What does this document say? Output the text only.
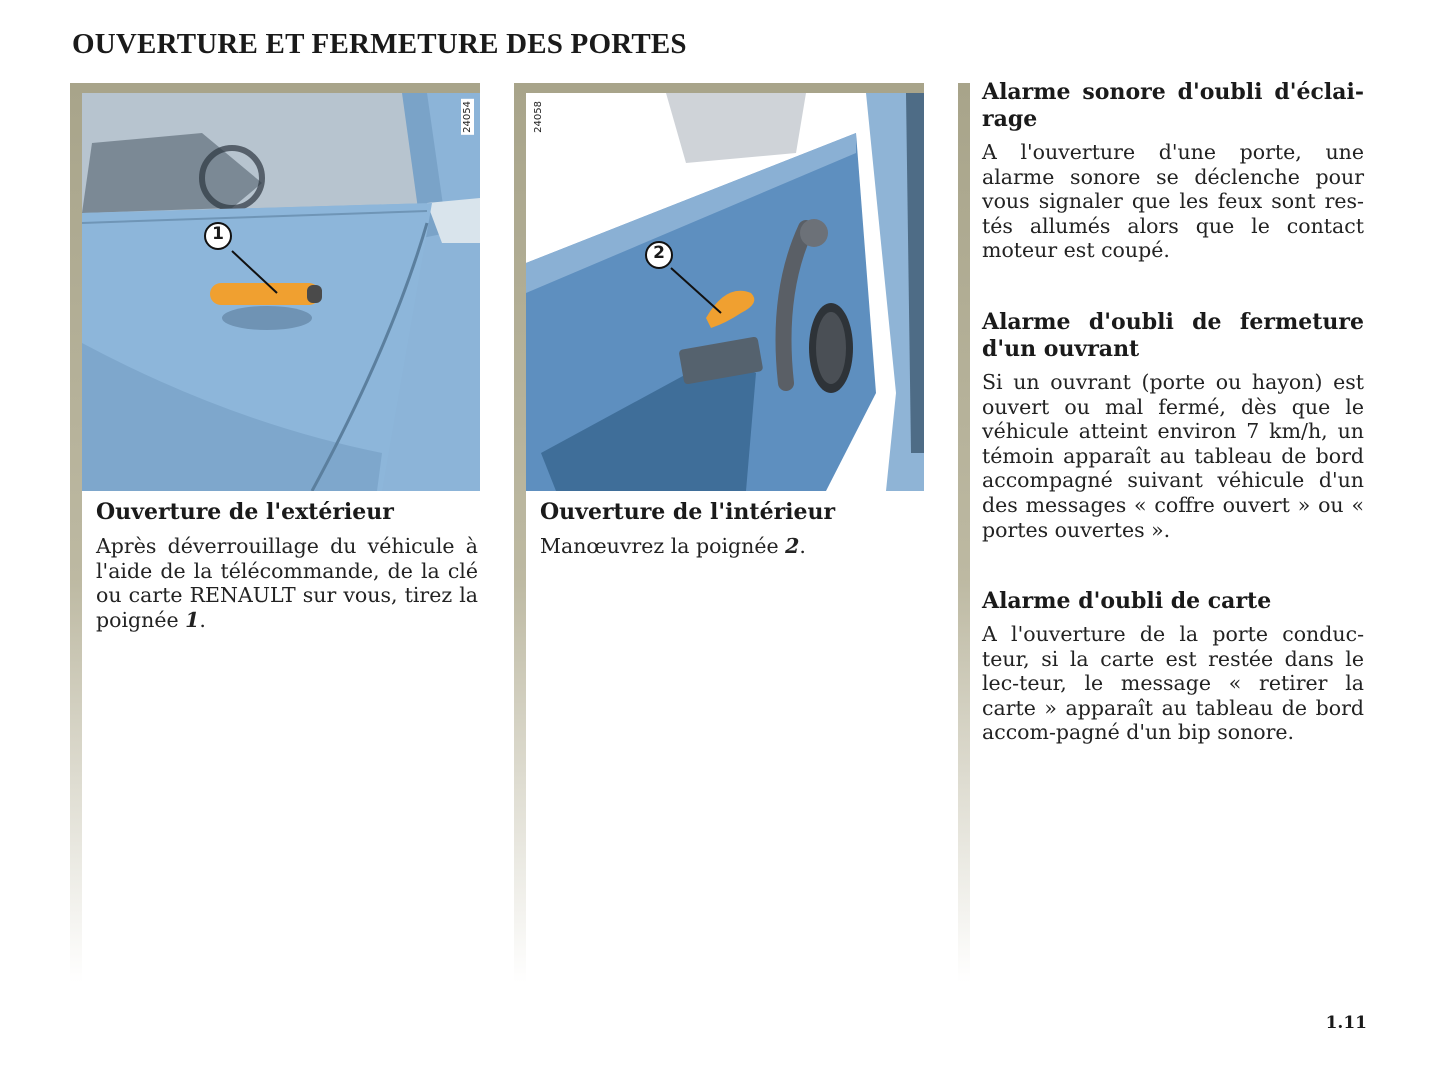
OUVERTURE ET FERMETURE DES PORTES
1
24054
2
24058
Ouverture de l'extérieur

Après déverrouillage du véhicule à l'aide de la télécommande, de la clé ou carte RENAULT sur vous, tirez la poignée 1.

Ouverture de l'intérieur

Manœuvrez la poignée 2.

Alarme sonore d'oubli d'éclai-rage

A l'ouverture d'une porte, une alarme sonore se déclenche pour vous signaler que les feux sont res-tés allumés alors que le contact moteur est coupé.

Alarme d'oubli de fermeture d'un ouvrant

Si un ouvrant (porte ou hayon) est ouvert ou mal fermé, dès que le véhicule atteint environ 7 km/h, un témoin apparaît au tableau de bord accompagné suivant véhicule d'un des messages « coffre ouvert » ou « portes ouvertes ».

Alarme d'oubli de carte

A l'ouverture de la porte conduc-teur, si la carte est restée dans le lec-teur, le message « retirer la carte » apparaît au tableau de bord accom-pagné d'un bip sonore.

1.11
